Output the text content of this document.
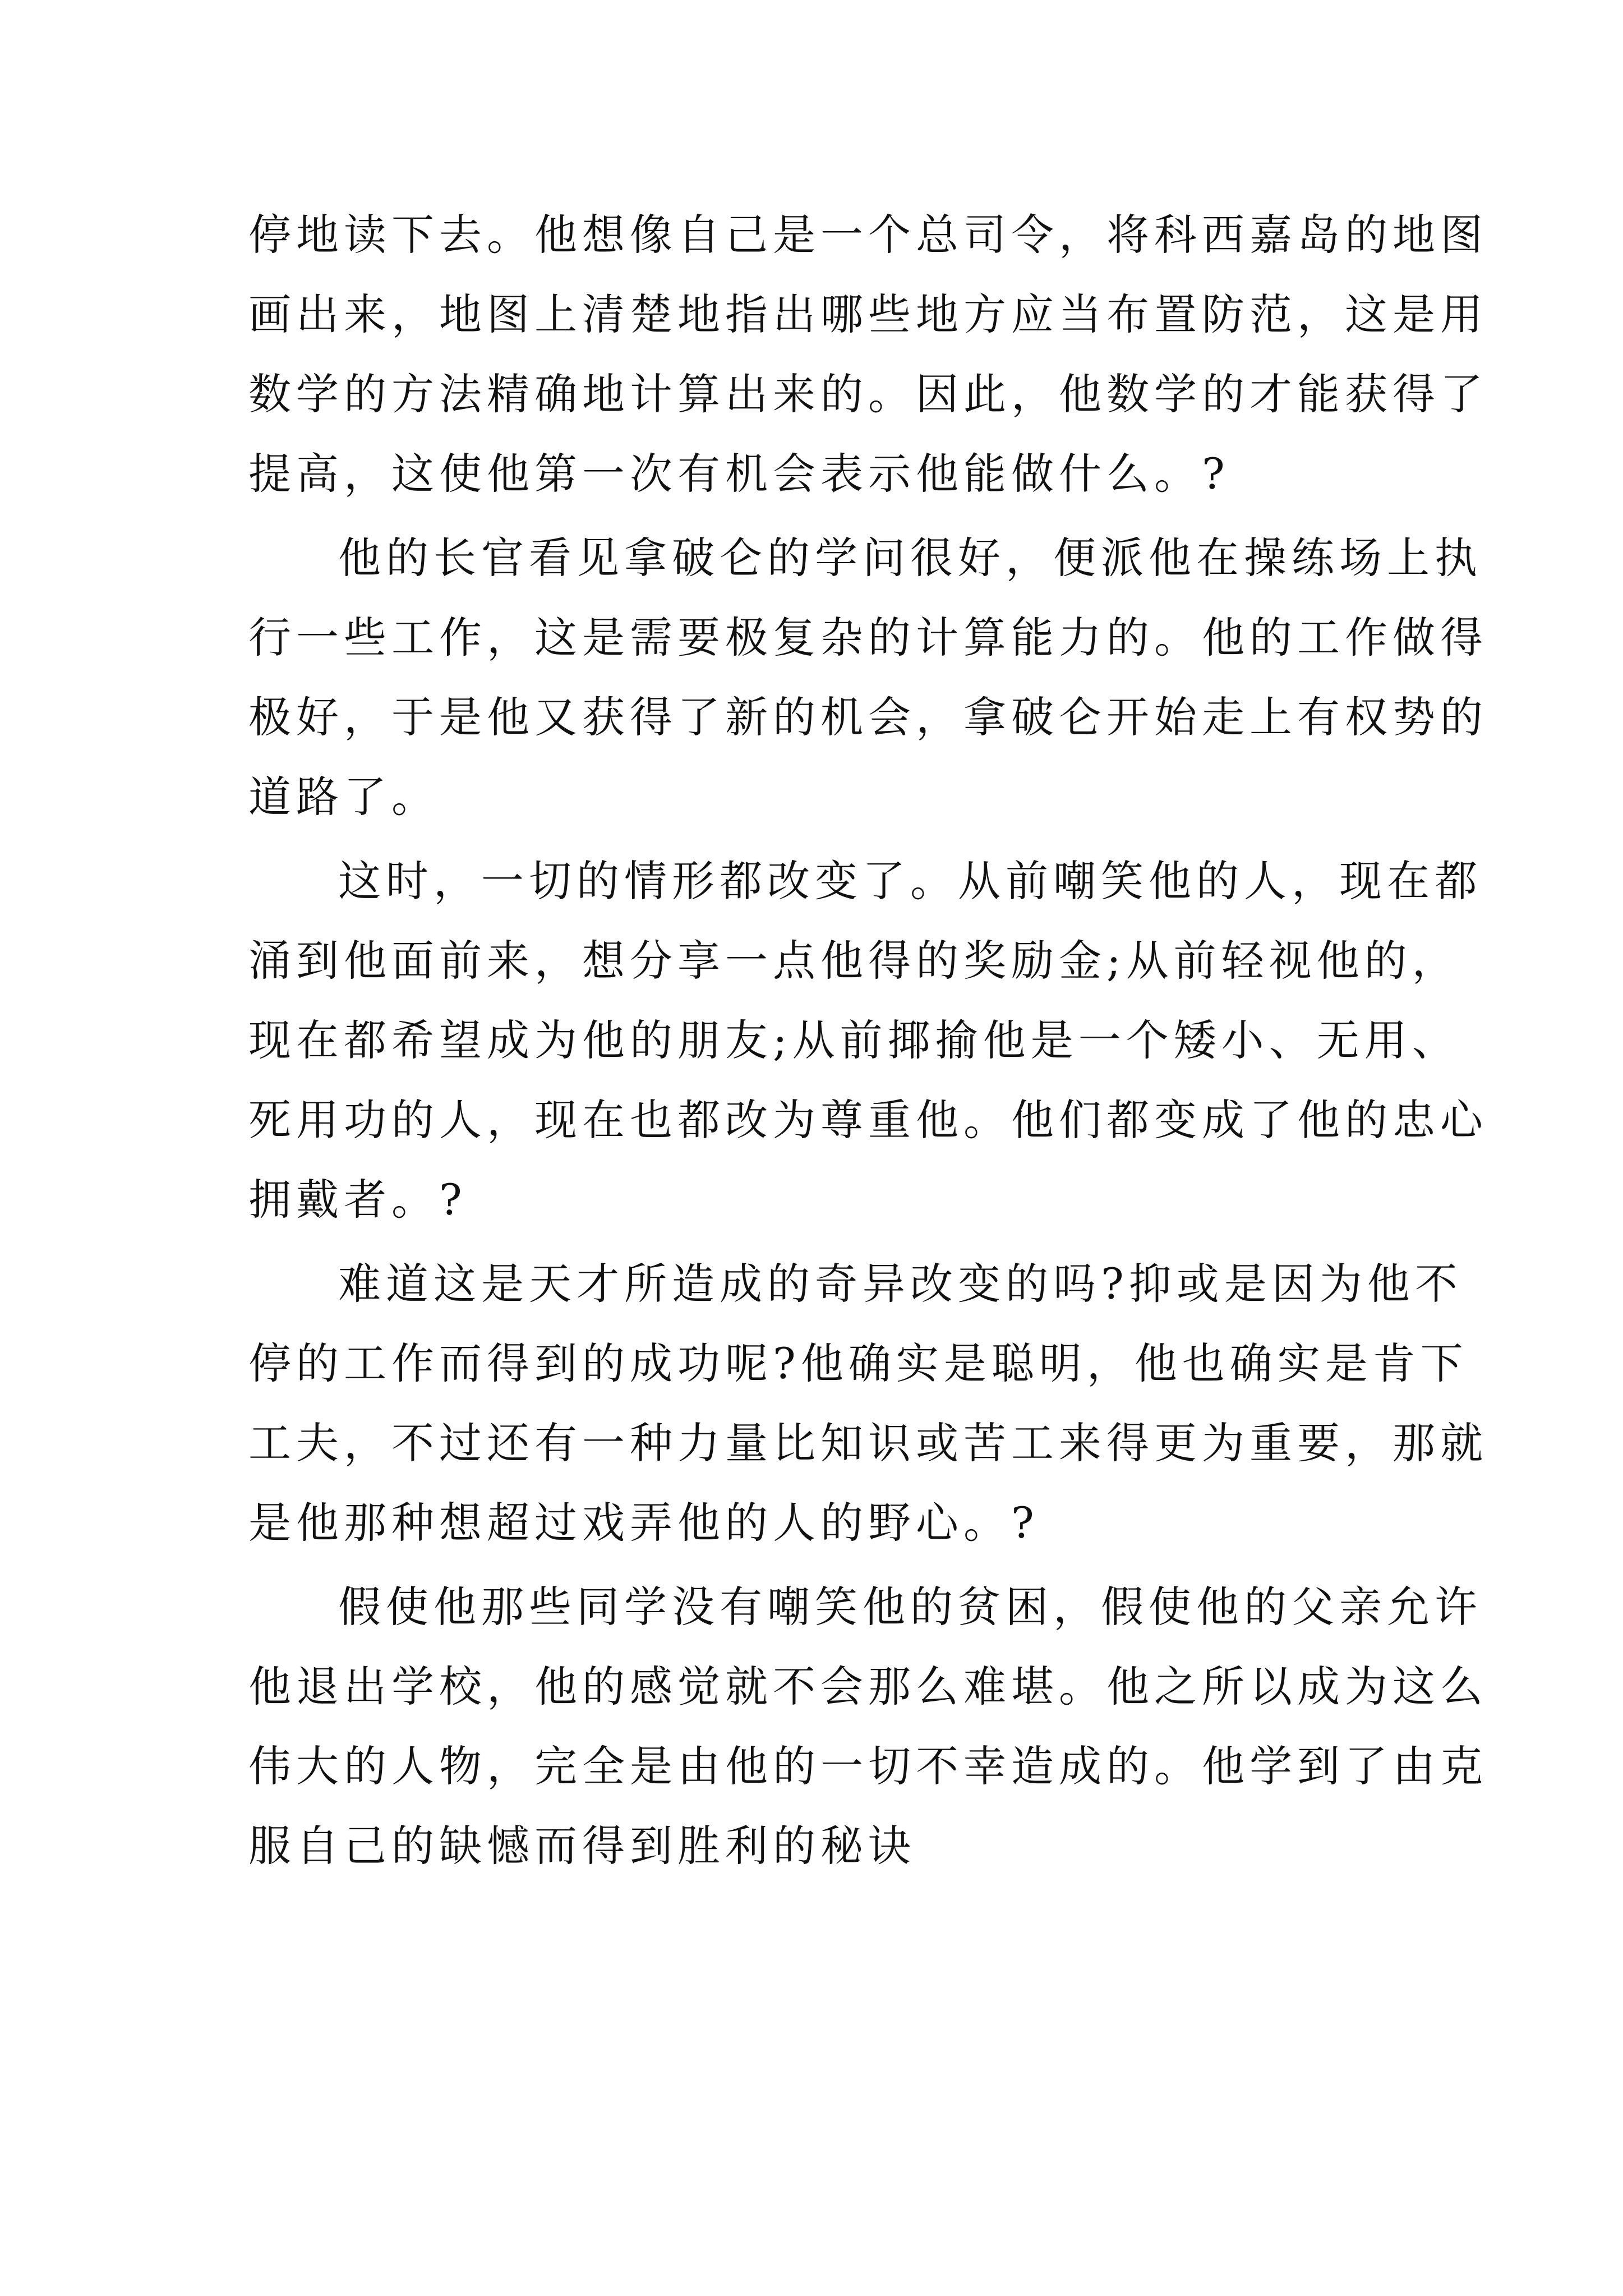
停地读下去。他想像自己是一个总司令，将科西嘉岛的地图
画出来，地图上清楚地指出哪些地方应当布置防范，这是用
数学的方法精确地计算出来的。因此，他数学的才能获得了
提高，这使他第一次有机会表示他能做什么。?
他的长官看见拿破仑的学问很好，便派他在操练场上执
行一些工作，这是需要极复杂的计算能力的。他的工作做得
极好，于是他又获得了新的机会，拿破仑开始走上有权势的
道路了。
这时，一切的情形都改变了。从前嘲笑他的人，现在都
涌到他面前来，想分享一点他得的奖励金;从前轻视他的，
现在都希望成为他的朋友;从前揶揄他是一个矮小、无用、
死用功的人，现在也都改为尊重他。他们都变成了他的忠心
拥戴者。?
难道这是天才所造成的奇异改变的吗?抑或是因为他不
停的工作而得到的成功呢?他确实是聪明，他也确实是肯下
工夫，不过还有一种力量比知识或苦工来得更为重要，那就
是他那种想超过戏弄他的人的野心。?
假使他那些同学没有嘲笑他的贫困，假使他的父亲允许
他退出学校，他的感觉就不会那么难堪。他之所以成为这么
伟大的人物，完全是由他的一切不幸造成的。他学到了由克
服自己的缺憾而得到胜利的秘诀
